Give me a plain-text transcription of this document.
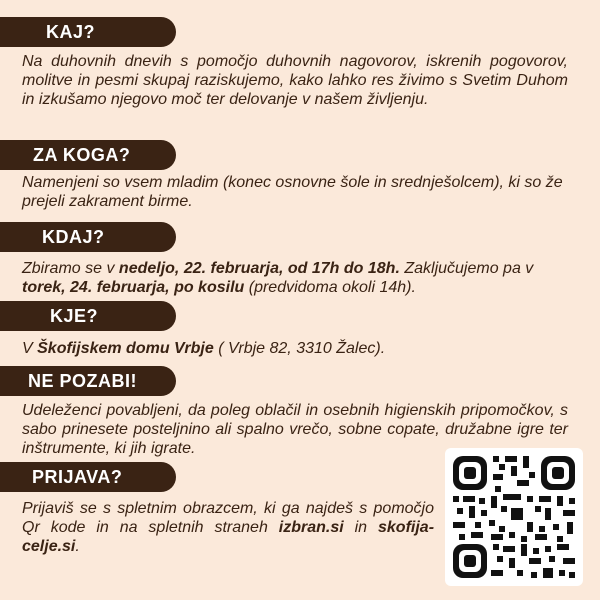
KAJ?
Na duhovnih dnevih s pomočjo duhovnih nagovorov, iskrenih pogovorov, molitve in pesmi skupaj raziskujemo, kako lahko res živimo s Svetim Duhom in izkušamo njegovo moč ter delovanje v našem življenju.
ZA KOGA?
Namenjeni so vsem mladim (konec osnovne šole in srednješolcem), ki so že prejeli zakrament birme.
KDAJ?
Zbiramo se v nedeljo, 22. februarja, od 17h do 18h. Zaključujemo pa v torek, 24. februarja, po kosilu (predvidoma okoli 14h).
KJE?
V Škofijskem domu Vrbje ( Vrbje 82, 3310 Žalec).
NE POZABI!
Udeleženci povabljeni, da poleg oblačil in osebnih higienskih pripomočkov, s sabo prinesete posteljnino ali spalno vrečo, sobne copate, družabne igre ter inštrumente, ki jih igrate.
PRIJAVA?
Prijaviš se s spletnim obrazcem, ki ga najdeš s pomočjo Qr kode in na spletnih straneh izbran.si in skofija-celje.si.
